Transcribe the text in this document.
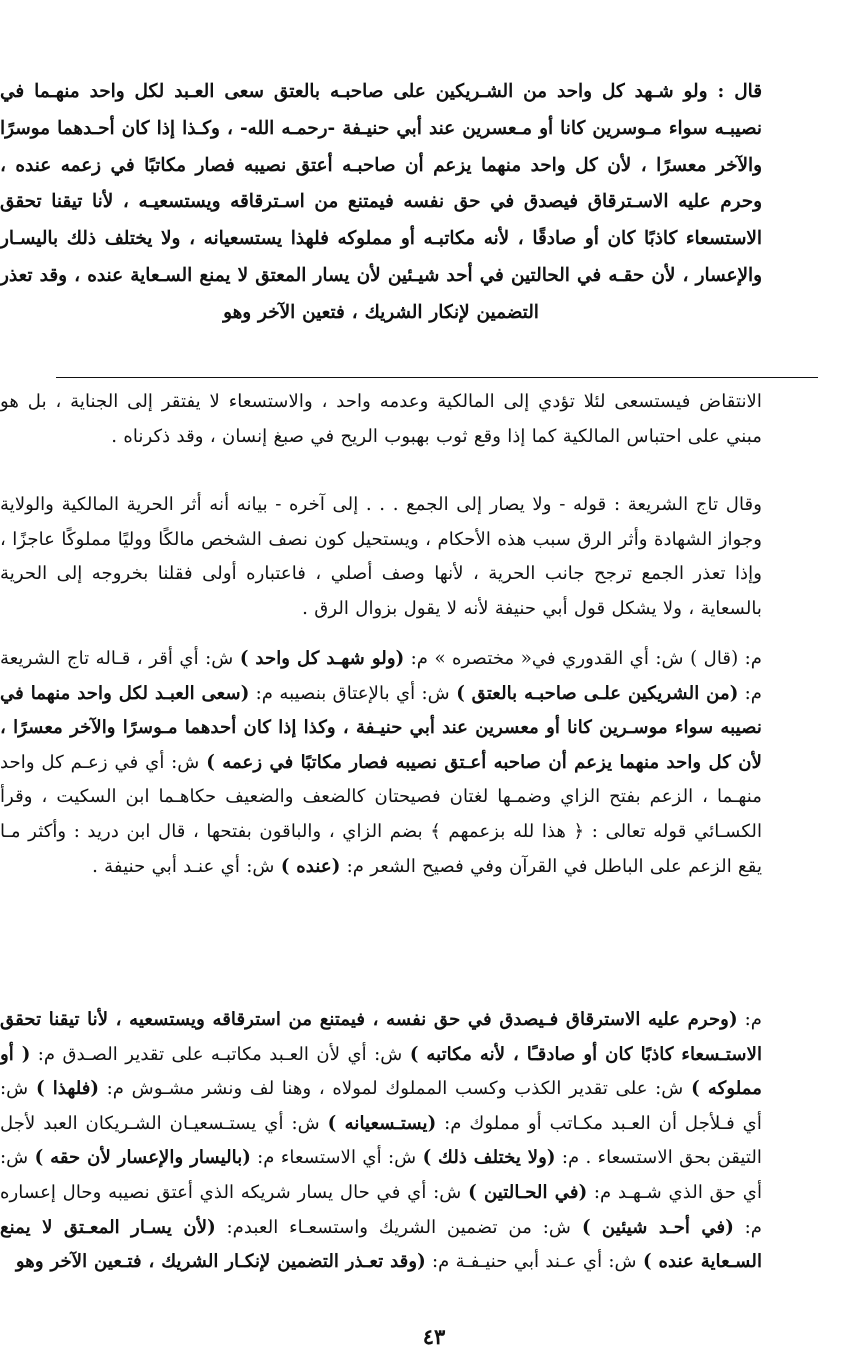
قال : ولو شـهد كل واحد من الشـريكين على صاحبـه بالعتق سعى العـبد لكل واحد منهـما في نصيبـه سواء مـوسرين كانا أو مـعسرين عند أبي حنيـفة -رحمـه الله- ، وكـذا إذا كان أحـدهما موسرًا والآخر معسرًا ، لأن كل واحد منهما يزعم أن صاحبـه أعتق نصيبه فصار مكاتبًا في زعمه عنده ، وحرم عليه الاسـترقاق فيصدق في حق نفسه فيمتنع من اسـترقاقه ويستسعيـه ، لأنا تيقنا تحقق الاستسعاء كاذبًا كان أو صادقًا ، لأنه مكاتبـه أو مملوكه فلهذا يستسعيانه ، ولا يختلف ذلك باليسـار والإعسار ، لأن حقـه في الحالتين في أحد شيـئين لأن يسار المعتق لا يمنع السـعاية عنده ، وقد تعذر التضمين لإنكار الشريك ، فتعين الآخر وهو
الانتقاض فيستسعى لئلا تؤدي إلى المالكية وعدمه واحد ، والاستسعاء لا يفتقر إلى الجناية ، بل هو مبني على احتباس المالكية كما إذا وقع ثوب بهبوب الريح في صبغ إنسان ، وقد ذكرناه .
وقال تاج الشريعة : قوله - ولا يصار إلى الجمع . . . إلى آخره - بيانه أنه أثر الحرية المالكية والولاية وجواز الشهادة وأثر الرق سبب هذه الأحكام ، ويستحيل كون نصف الشخص مالكًا ووليًا مملوكًا عاجزًا ، وإذا تعذر الجمع ترجح جانب الحرية ، لأنها وصف أصلي ، فاعتباره أولى فقلنا بخروجه إلى الحرية بالسعاية ، ولا يشكل قول أبي حنيفة لأنه لا يقول بزوال الرق .
م: (قال ) ش: أي القدوري في« مختصره » م: (ولو شهـد كل واحد ) ش: أي أقر ، قـاله تاج الشريعة م: (من الشريكين علـى صاحبـه بالعتق ) ش: أي بالإعتاق بنصيبه م: (سعى العبـد لكل واحد منهما في نصيبه سواء موسـرين كانا أو معسرين عند أبي حنيـفة ، وكذا إذا كان أحدهما مـوسرًا والآخر معسرًا ، لأن كل واحد منهما يزعم أن صاحبه أعـتق نصيبه فصار مكاتبًا في زعمه ) ش: أي في زعـم كل واحد منهـما ، الزعم بفتح الزاي وضمـها لغتان فصيحتان كالضعف والضعيف حكاهـما ابن السكيت ، وقرأ الكسـائي قوله تعالى : ﴿ هذا لله بزعمهم ﴾ بضم الزاي ، والباقون بفتحها ، قال ابن دريد : وأكثر مـا يقع الزعم على الباطل في القرآن وفي فصيح الشعر م: (عنده ) ش: أي عنـد أبي حنيفة .
م: (وحرم عليه الاسترقاق فـيصدق في حق نفسه ، فيمتنع من استرقاقه ويستسعيه ، لأنا تيقنا تحقق الاستـسعاء كاذبًا كان أو صادقـًا ، لأنه مكاتبه ) ش: أي لأن العـبد مكاتبـه على تقدير الصـدق م: ( أو مملوكه ) ش: على تقدير الكذب وكسب المملوك لمولاه ، وهنا لف ونشر مشـوش م: (فلهذا ) ش: أي فـلأجل أن العـبد مكـاتب أو مملوك م: (يستـسعيانه ) ش: أي يستـسعيـان الشـريكان العبد لأجل التيقن بحق الاستسعاء . م: (ولا يختلف ذلك ) ش: أي الاستسعاء م: (باليسار والإعسار لأن حقه ) ش: أي حق الذي شـهـد م: (في الحـالتين ) ش: أي في حال يسار شريكه الذي أعتق نصيبه وحال إعساره م: (في أحـد شيئين ) ش: من تضمين الشريك واستسعـاء العبدم: (لأن يسـار المعـتق لا يمنع السـعاية عنده ) ش: أي عـند أبي حنيـفـة م: (وقد تعـذر التضمين لإنكـار الشريك ، فتـعين الآخر وهو
٤٣
